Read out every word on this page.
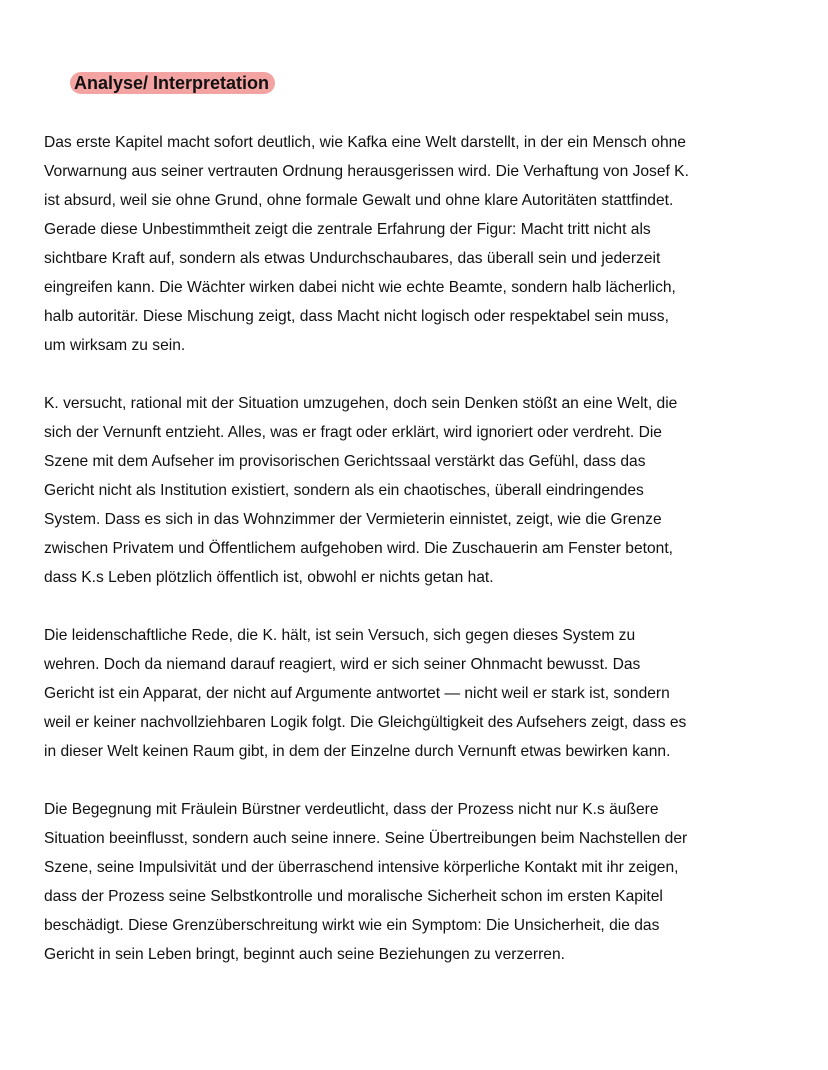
Analyse/ Interpretation

Das erste Kapitel macht sofort deutlich, wie Kafka eine Welt darstellt, in der ein Mensch ohne
Vorwarnung aus seiner vertrauten Ordnung herausgerissen wird. Die Verhaftung von Josef K.
ist absurd, weil sie ohne Grund, ohne formale Gewalt und ohne klare Autoritäten stattfindet.
Gerade diese Unbestimmtheit zeigt die zentrale Erfahrung der Figur: Macht tritt nicht als
sichtbare Kraft auf, sondern als etwas Undurchschaubares, das überall sein und jederzeit
eingreifen kann. Die Wächter wirken dabei nicht wie echte Beamte, sondern halb lächerlich,
halb autoritär. Diese Mischung zeigt, dass Macht nicht logisch oder respektabel sein muss,
um wirksam zu sein.

K. versucht, rational mit der Situation umzugehen, doch sein Denken stößt an eine Welt, die
sich der Vernunft entzieht. Alles, was er fragt oder erklärt, wird ignoriert oder verdreht. Die
Szene mit dem Aufseher im provisorischen Gerichtssaal verstärkt das Gefühl, dass das
Gericht nicht als Institution existiert, sondern als ein chaotisches, überall eindringendes
System. Dass es sich in das Wohnzimmer der Vermieterin einnistet, zeigt, wie die Grenze
zwischen Privatem und Öffentlichem aufgehoben wird. Die Zuschauerin am Fenster betont,
dass K.s Leben plötzlich öffentlich ist, obwohl er nichts getan hat.

Die leidenschaftliche Rede, die K. hält, ist sein Versuch, sich gegen dieses System zu
wehren. Doch da niemand darauf reagiert, wird er sich seiner Ohnmacht bewusst. Das
Gericht ist ein Apparat, der nicht auf Argumente antwortet — nicht weil er stark ist, sondern
weil er keiner nachvollziehbaren Logik folgt. Die Gleichgültigkeit des Aufsehers zeigt, dass es
in dieser Welt keinen Raum gibt, in dem der Einzelne durch Vernunft etwas bewirken kann.

Die Begegnung mit Fräulein Bürstner verdeutlicht, dass der Prozess nicht nur K.s äußere
Situation beeinflusst, sondern auch seine innere. Seine Übertreibungen beim Nachstellen der
Szene, seine Impulsivität und der überraschend intensive körperliche Kontakt mit ihr zeigen,
dass der Prozess seine Selbstkontrolle und moralische Sicherheit schon im ersten Kapitel
beschädigt. Diese Grenzüberschreitung wirkt wie ein Symptom: Die Unsicherheit, die das
Gericht in sein Leben bringt, beginnt auch seine Beziehungen zu verzerren.
